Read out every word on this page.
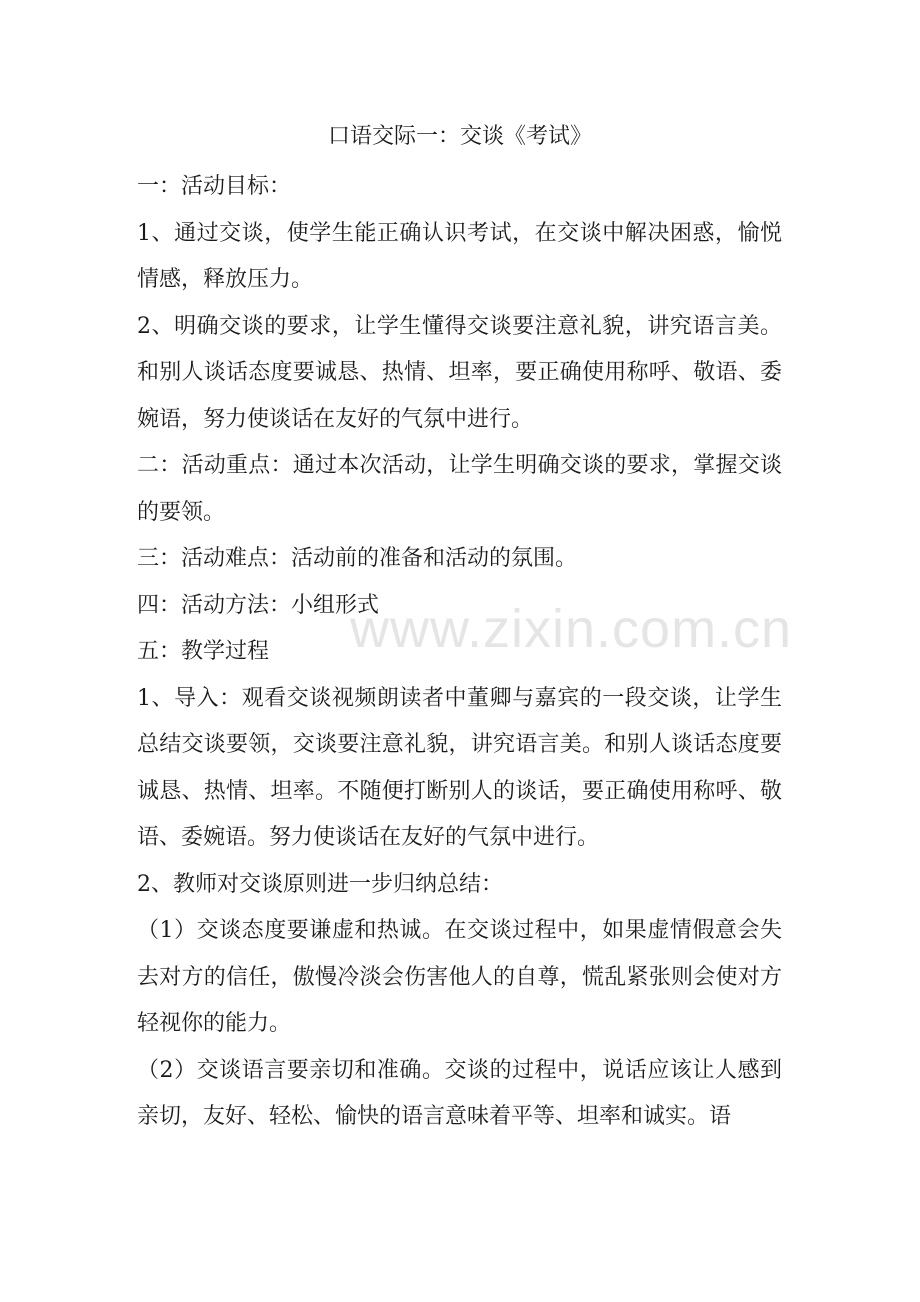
口语交际一：交谈《考试》

一：活动目标：

1、通过交谈，使学生能正确认识考试，在交谈中解决困惑，愉悦情感，释放压力。

2、明确交谈的要求，让学生懂得交谈要注意礼貌，讲究语言美。和别人谈话态度要诚恳、热情、坦率，要正确使用称呼、敬语、委婉语，努力使谈话在友好的气氛中进行。

二：活动重点：通过本次活动，让学生明确交谈的要求，掌握交谈的要领。

三：活动难点：活动前的准备和活动的氛围。

四：活动方法：小组形式

五：教学过程

1、导入：观看交谈视频朗读者中董卿与嘉宾的一段交谈，让学生总结交谈要领，交谈要注意礼貌，讲究语言美。和别人谈话态度要诚恳、热情、坦率。不随便打断别人的谈话，要正确使用称呼、敬语、委婉语。努力使谈话在友好的气氛中进行。

2、教师对交谈原则进一步归纳总结：

（1）交谈态度要谦虚和热诚。在交谈过程中，如果虚情假意会失去对方的信任，傲慢冷淡会伤害他人的自尊，慌乱紧张则会使对方轻视你的能力。

（2）交谈语言要亲切和准确。交谈的过程中，说话应该让人感到亲切，友好、轻松、愉快的语言意味着平等、坦率和诚实。语

www.zixin.com.cn
